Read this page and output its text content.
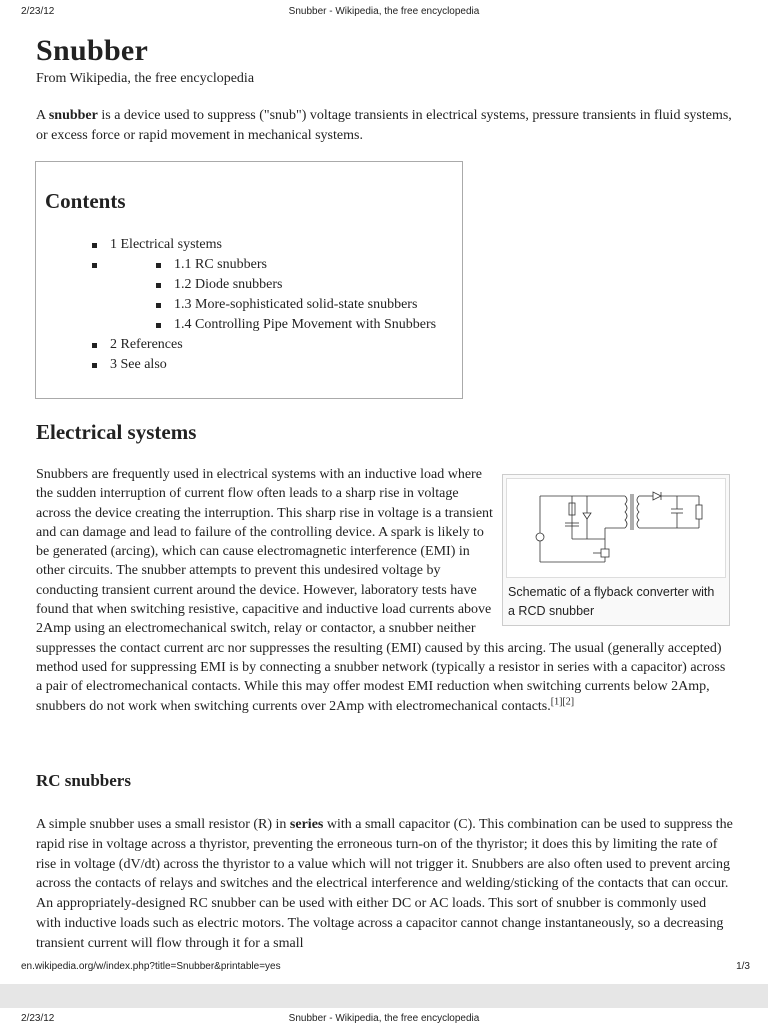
2/23/12	Snubber - Wikipedia, the free encyclopedia
Snubber

From Wikipedia, the free encyclopedia

A snubber is a device used to suppress ("snub") voltage transients in electrical systems, pressure transients in fluid systems, or excess force or rapid movement in mechanical systems.

Contents
1 Electrical systems
1.1 RC snubbers
1.2 Diode snubbers
1.3 More-sophisticated solid-state snubbers
1.4 Controlling Pipe Movement with Snubbers
2 References
3 See also
Electrical systems

Snubbers are frequently used in electrical systems with an inductive load where the sudden interruption of current flow often leads to a sharp rise in voltage across the device creating the interruption. This sharp rise in voltage is a transient and can damage and lead to failure of the controlling device. A spark is likely to be generated (arcing), which can cause electromagnetic interference (EMI) in other circuits. The snubber attempts to prevent this undesired voltage by conducting transient current around the device. However, laboratory tests have found that when switching resistive, capacitive and inductive load currents above 2Amp using an electromechanical switch, relay or contactor, a snubber neither suppresses the contact current arc nor suppresses the resulting (EMI) caused by this arcing. The usual (generally accepted) method used for suppressing EMI is by connecting a snubber network (typically a resistor in series with a capacitor) across a pair of electromechanical contacts. While this may offer modest EMI reduction when switching currents below 2Amp, snubbers do not work when switching currents over 2Amp with electromechanical contacts.[1][2]

Schematic of a flyback converter with a RCD snubber
RC snubbers

A simple snubber uses a small resistor (R) in series with a small capacitor (C). This combination can be used to suppress the rapid rise in voltage across a thyristor, preventing the erroneous turn-on of the thyristor; it does this by limiting the rate of rise in voltage (dV/dt) across the thyristor to a value which will not trigger it. Snubbers are also often used to prevent arcing across the contacts of relays and switches and the electrical interference and welding/sticking of the contacts that can occur. An appropriately-designed RC snubber can be used with either DC or AC loads. This sort of snubber is commonly used with inductive loads such as electric motors. The voltage across a capacitor cannot change instantaneously, so a decreasing transient current will flow through it for a small

en.wikipedia.org/w/index.php?title=Snubber&printable=yes	1/3
2/23/12	Snubber - Wikipedia, the free encyclopedia
